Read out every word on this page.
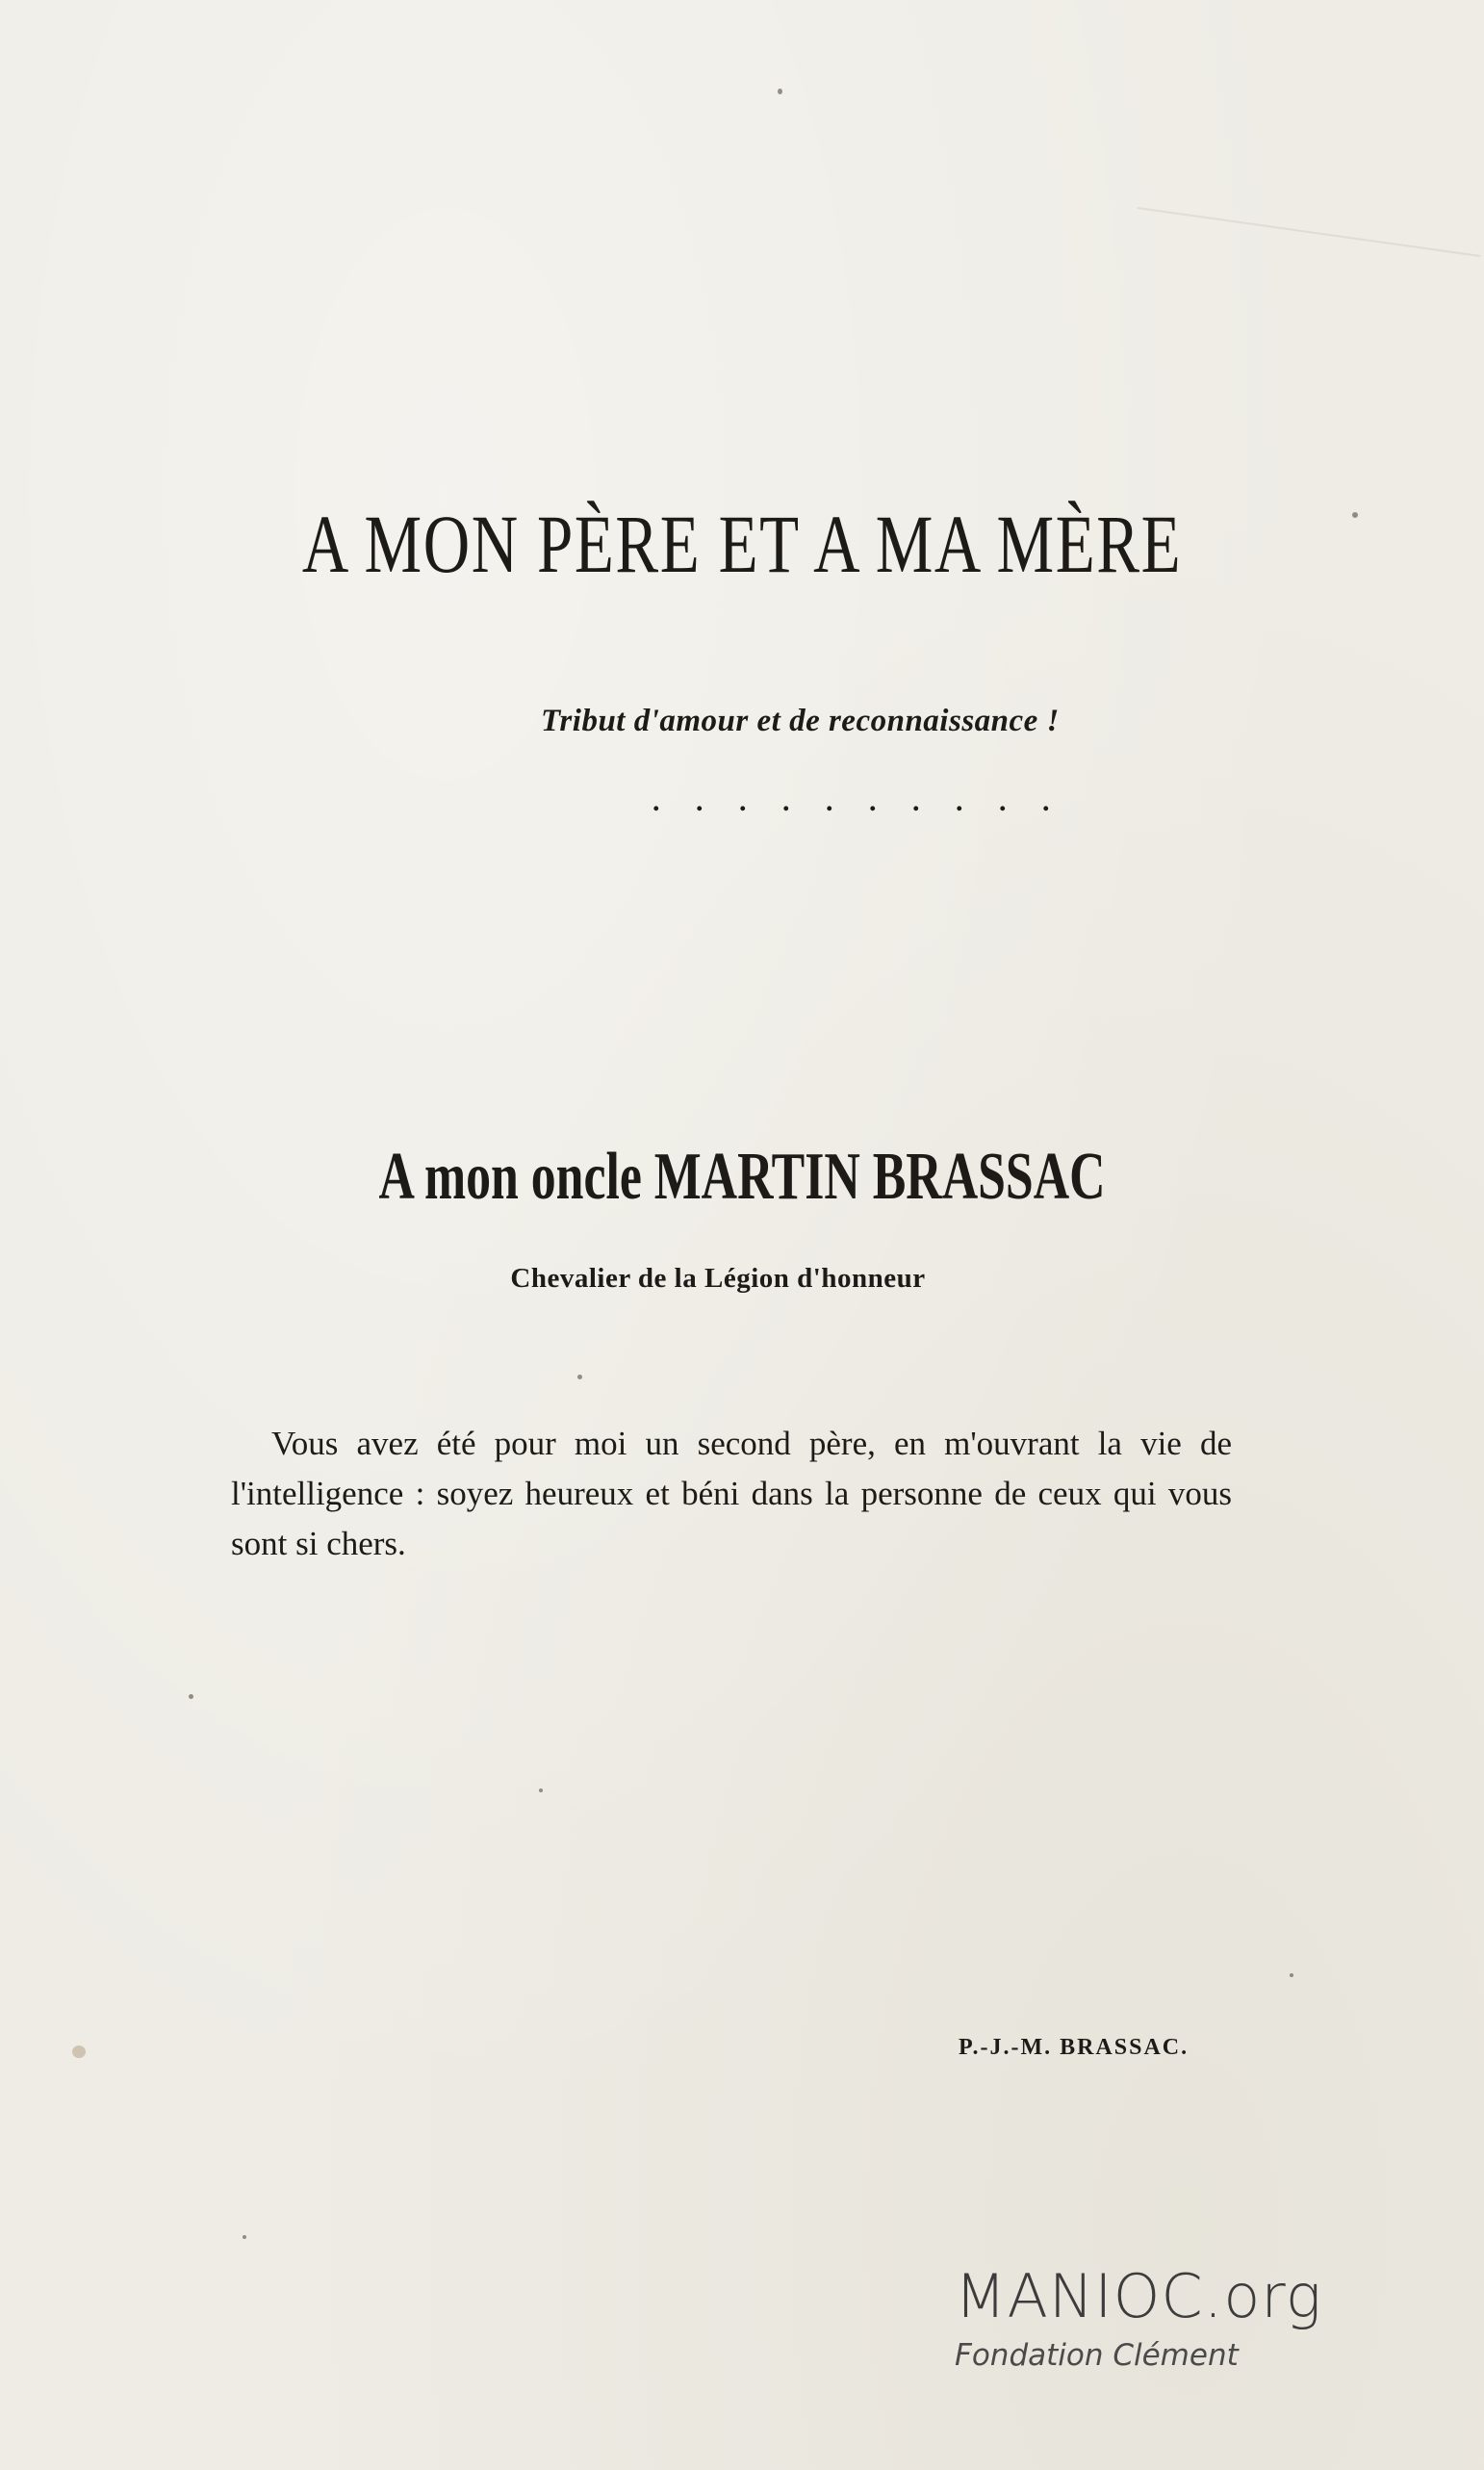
A MON PÈRE ET A MA MÈRE
Tribut d'amour et de reconnaissance !
. . . . . . . . . .
A mon oncle MARTIN BRASSAC
Chevalier de la Légion d'honneur
Vous avez été pour moi un second père, en m'ouvrant la vie de l'intelligence : soyez heureux et béni dans la personne de ceux qui vous sont si chers.
P.-J.-M. BRASSAC.
MANIOC.org
Fondation Clément
